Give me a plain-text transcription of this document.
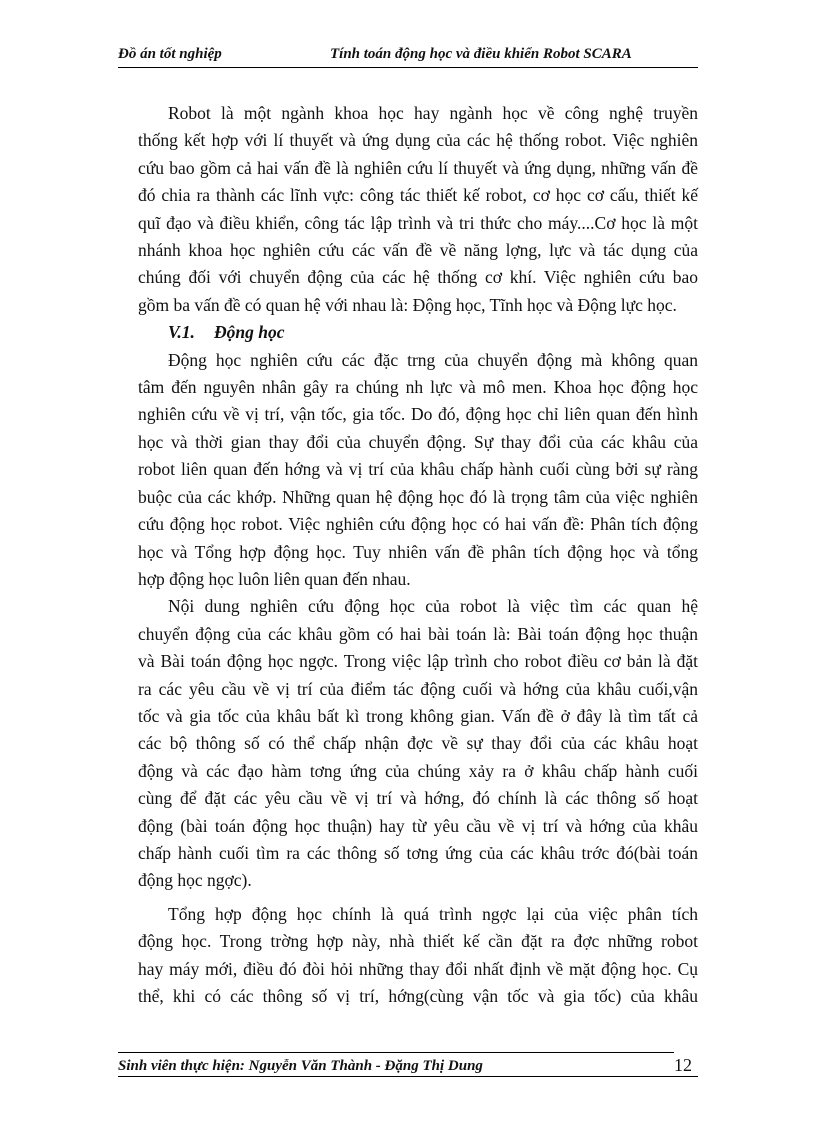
Đồ án tốt nghiệp	Tính toán động học và điều khiển Robot SCARA
Robot là một ngành khoa học hay ngành học về công nghệ truyền
thống kết hợp với lí thuyết và ứng dụng của các hệ thống robot. Việc nghiên
cứu bao gồm cả hai vấn đề là nghiên cứu lí thuyết và ứng dụng, những vấn đề
đó chia ra thành các lĩnh vực: công tác thiết kế robot, cơ học cơ cấu, thiết kế
quĩ đạo và điều khiển, công tác lập trình và tri thức cho máy....Cơ học là một
nhánh khoa học nghiên cứu các vấn đề về năng lợng, lực và tác dụng của
chúng đối với chuyển động của các hệ thống cơ khí. Việc nghiên cứu bao
gồm ba vấn đề có quan hệ với nhau là: Động học, Tĩnh học và Động lực học.
V.1. Động học
Động học nghiên cứu các đặc trng của chuyển động mà không quan
tâm đến nguyên nhân gây ra chúng nh lực và mô men. Khoa học động học
nghiên cứu về vị trí, vận tốc, gia tốc. Do đó, động học chỉ liên quan đến hình
học và thời gian thay đổi của chuyển động. Sự thay đổi của các khâu của
robot liên quan đến hớng và vị trí của khâu chấp hành cuối cùng bởi sự ràng
buộc của các khớp. Những quan hệ động học đó là trọng tâm của việc nghiên
cứu động học robot. Việc nghiên cứu động học có hai vấn đề: Phân tích động
học và Tổng hợp động học. Tuy nhiên vấn đề phân tích động học và tổng
hợp động học luôn liên quan đến nhau.
Nội dung nghiên cứu động học của robot là việc tìm các quan hệ
chuyển động của các khâu gồm có hai bài toán là: Bài toán động học thuận
và Bài toán động học ngợc. Trong việc lập trình cho robot điều cơ bản là đặt
ra các yêu cầu về vị trí của điểm tác động cuối và hớng của khâu cuối,vận
tốc và gia tốc của khâu bất kì trong không gian. Vấn đề ở đây là tìm tất cả
các bộ thông số có thể chấp nhận đợc về sự thay đổi của các khâu hoạt
động và các đạo hàm tơng ứng của chúng xảy ra ở khâu chấp hành cuối
cùng để đặt các yêu cầu về vị trí và hớng, đó chính là các thông số hoạt
động (bài toán động học thuận) hay từ yêu cầu về vị trí và hớng của khâu
chấp hành cuối tìm ra các thông số tơng ứng của các khâu trớc đó(bài toán
động học ngợc).
Tổng hợp động học chính là quá trình ngợc lại của việc phân tích
động học. Trong trờng hợp này, nhà thiết kế cần đặt ra đợc những robot
hay máy mới, điều đó đòi hỏi những thay đổi nhất định về mặt động học. Cụ
thể, khi có các thông số vị trí, hớng(cùng vận tốc và gia tốc) của khâu
Sinh viên thực hiện: Nguyễn Văn Thành - Đặng Thị Dung	12
